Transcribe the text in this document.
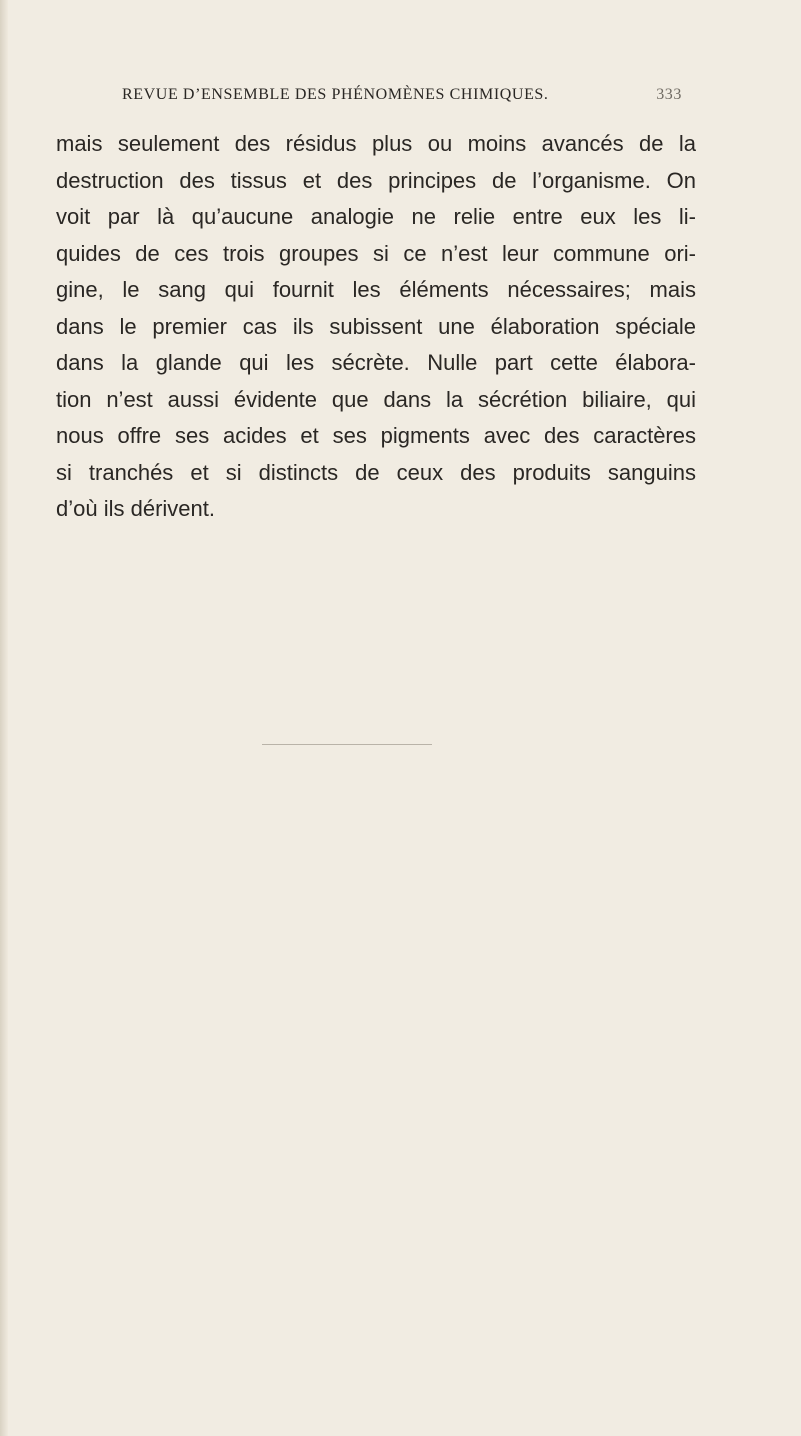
REVUE D’ENSEMBLE DES PHÉNOMÈNES CHIMIQUES.	333
mais seulement des résidus plus ou moins avancés de la
destruction des tissus et des principes de l’organisme. On
voit par là qu’aucune analogie ne relie entre eux les li-
quides de ces trois groupes si ce n’est leur commune ori-
gine, le sang qui fournit les éléments nécessaires; mais
dans le premier cas ils subissent une élaboration spéciale
dans la glande qui les sécrète. Nulle part cette élabora-
tion n’est aussi évidente que dans la sécrétion biliaire, qui
nous offre ses acides et ses pigments avec des caractères
si tranchés et si distincts de ceux des produits sanguins
d’où ils dérivent.
